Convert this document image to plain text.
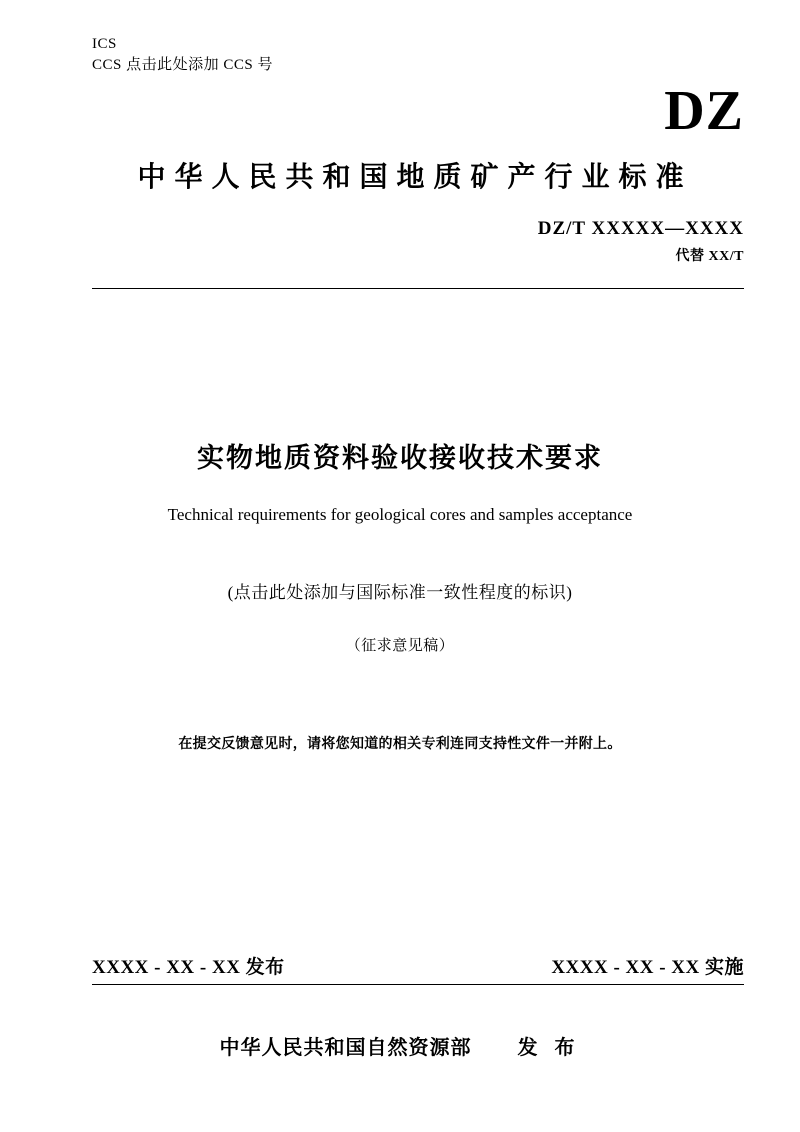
ICS
CCS 点击此处添加 CCS 号
DZ
中华人民共和国地质矿产行业标准
DZ/T XXXXX—XXXX
代替 XX/T
实物地质资料验收接收技术要求
Technical requirements for geological cores and samples acceptance
(点击此处添加与国际标准一致性程度的标识)
（征求意见稿）
在提交反馈意见时，请将您知道的相关专利连同支持性文件一并附上。
XXXX - XX - XX 发布	XXXX - XX - XX 实施
中华人民共和国自然资源部 发 布
